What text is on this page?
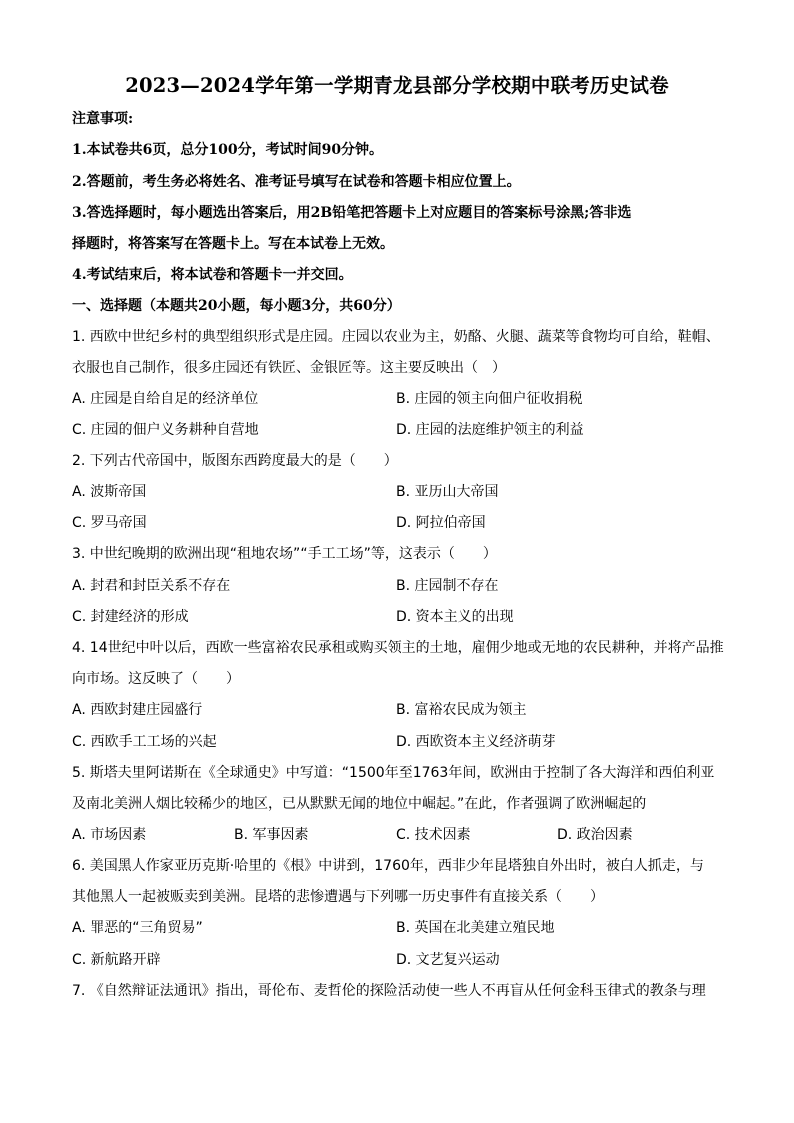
2023—2024学年第一学期青龙县部分学校期中联考历史试卷
注意事项:
1.本试卷共6页，总分100分，考试时间90分钟。
2.答题前，考生务必将姓名、准考证号填写在试卷和答题卡相应位置上。
3.答选择题时，每小题选出答案后，用2B铅笔把答题卡上对应题目的答案标号涂黑;答非选
择题时，将答案写在答题卡上。写在本试卷上无效。
4.考试结束后，将本试卷和答题卡一并交回。
一、选择题（本题共20小题，每小题3分，共60分）
1. 西欧中世纪乡村的典型组织形式是庄园。庄园以农业为主，奶酪、火腿、蔬菜等食物均可自给，鞋帽、
衣服也自己制作，很多庄园还有铁匠、金银匠等。这主要反映出（　）
A. 庄园是自给自足的经济单位	B. 庄园的领主向佃户征收捐税
C. 庄园的佃户义务耕种自营地	D. 庄园的法庭维护领主的利益
2. 下列古代帝国中，版图东西跨度最大的是（　　）
A. 波斯帝国	B. 亚历山大帝国
C. 罗马帝国	D. 阿拉伯帝国
3. 中世纪晚期的欧洲出现“租地农场”“手工工场”等，这表示（　　）
A. 封君和封臣关系不存在	B. 庄园制不存在
C. 封建经济的形成	D. 资本主义的出现
4. 14世纪中叶以后，西欧一些富裕农民承租或购买领主的土地，雇佣少地或无地的农民耕种，并将产品推
向市场。这反映了（　　）
A. 西欧封建庄园盛行	B. 富裕农民成为领主
C. 西欧手工工场的兴起	D. 西欧资本主义经济萌芽
5. 斯塔夫里阿诺斯在《全球通史》中写道：“1500年至1763年间，欧洲由于控制了各大海洋和西伯利亚
及南北美洲人烟比较稀少的地区，已从默默无闻的地位中崛起。”在此，作者强调了欧洲崛起的
A. 市场因素	B. 军事因素	C. 技术因素	D. 政治因素
6. 美国黑人作家亚历克斯·哈里的《根》中讲到，1760年，西非少年昆塔独自外出时，被白人抓走，与
其他黑人一起被贩卖到美洲。昆塔的悲惨遭遇与下列哪一历史事件有直接关系（　　）
A. 罪恶的“三角贸易”	B. 英国在北美建立殖民地
C. 新航路开辟	D. 文艺复兴运动
7. 《自然辩证法通讯》指出，哥伦布、麦哲伦的探险活动使一些人不再盲从任何金科玉律式的教条与理
